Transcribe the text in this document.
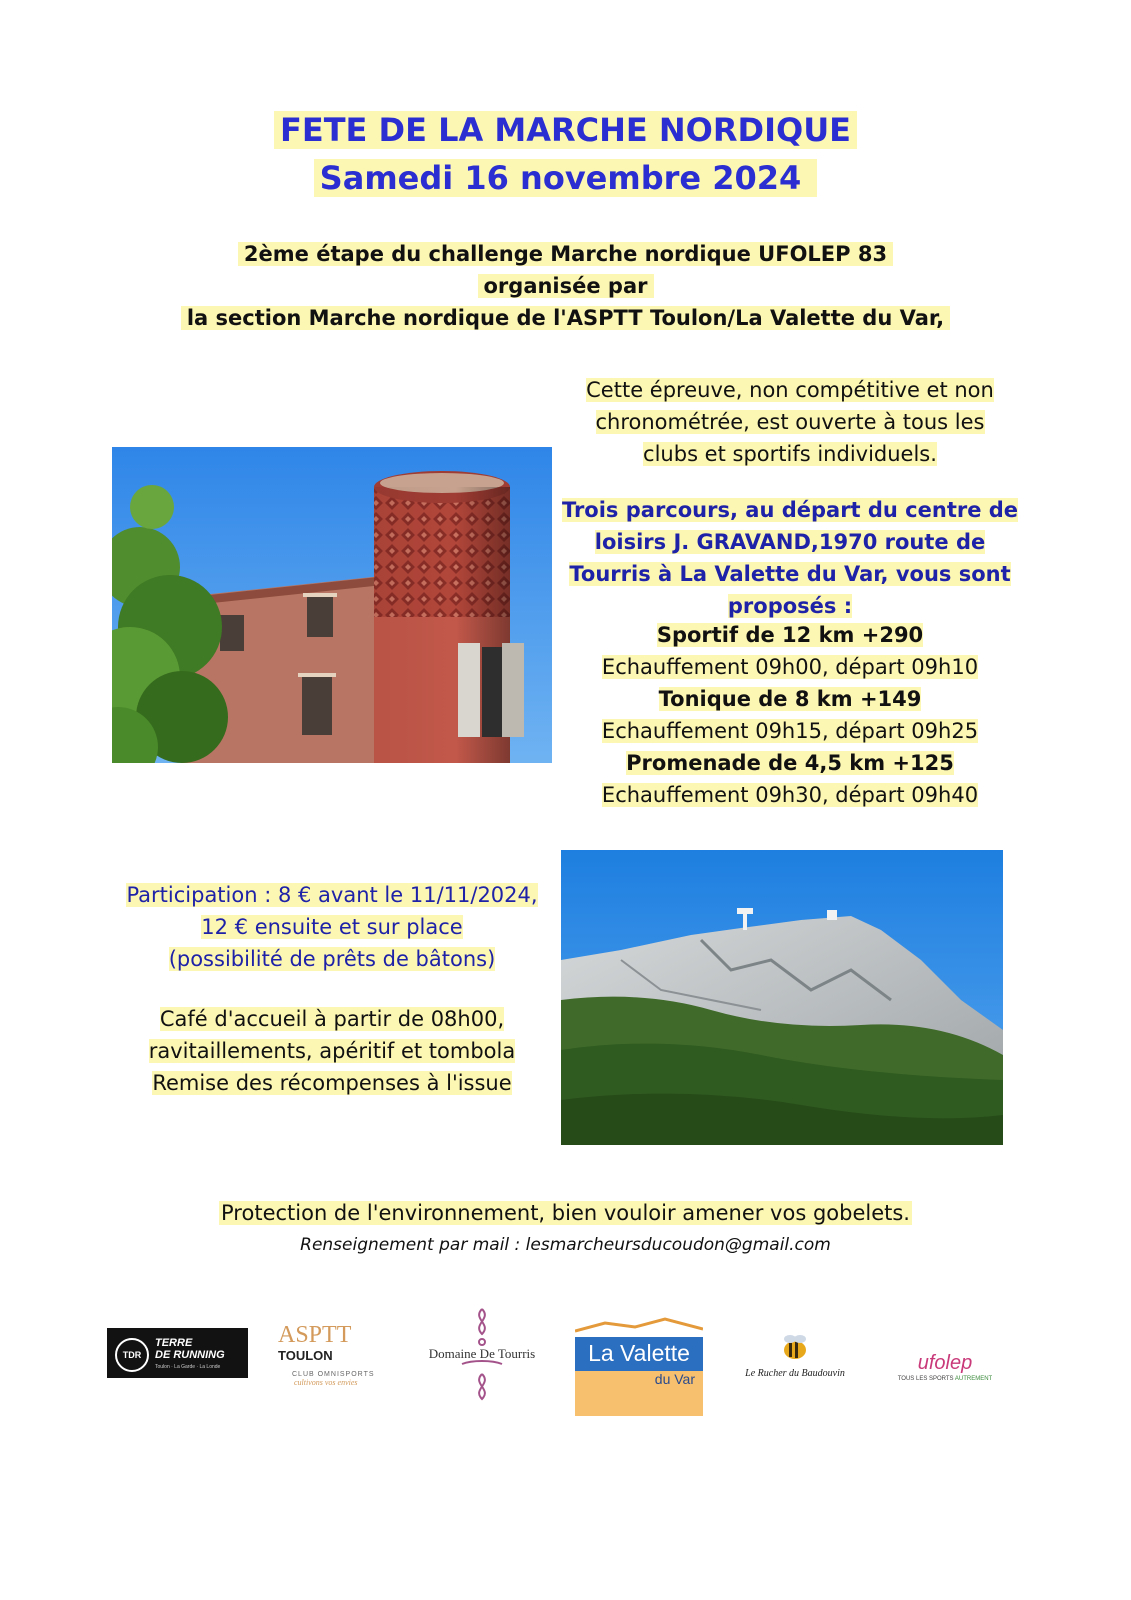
FETE DE LA MARCHE NORDIQUE
Samedi 16 novembre 2024
2ème étape du challenge Marche nordique UFOLEP 83
organisée par
la section Marche nordique de l'ASPTT Toulon/La Valette du Var,
Cette épreuve, non compétitive et non
chronométrée, est ouverte à tous les
clubs et sportifs individuels.
Trois parcours, au départ du centre de
loisirs J. GRAVAND,1970 route de
Tourris à La Valette du Var, vous sont
proposés :
Sportif de 12 km +290
Echauffement 09h00, départ 09h10
Tonique de 8 km +149
Echauffement 09h15, départ 09h25
Promenade de 4,5 km +125
Echauffement 09h30, départ 09h40
Participation : 8 € avant le 11/11/2024,
12 € ensuite et sur place
(possibilité de prêts de bâtons)
Café d'accueil à partir de 08h00,
ravitaillements, apéritif et tombola
Remise des récompenses à l'issue
Protection de l'environnement, bien vouloir amener vos gobelets.
Renseignement par mail : lesmarcheursducoudon@gmail.com
TDR
TERRE
DE RUNNING
Toulon · La Garde · La Londe
ASPTT TOULON
CLUB OMNISPORTS
cultivons vos envies
Domaine De Tourris	La Valette
du Var	Le Rucher du Baudouvin	ufolep
TOUS LES SPORTS AUTREMENT
